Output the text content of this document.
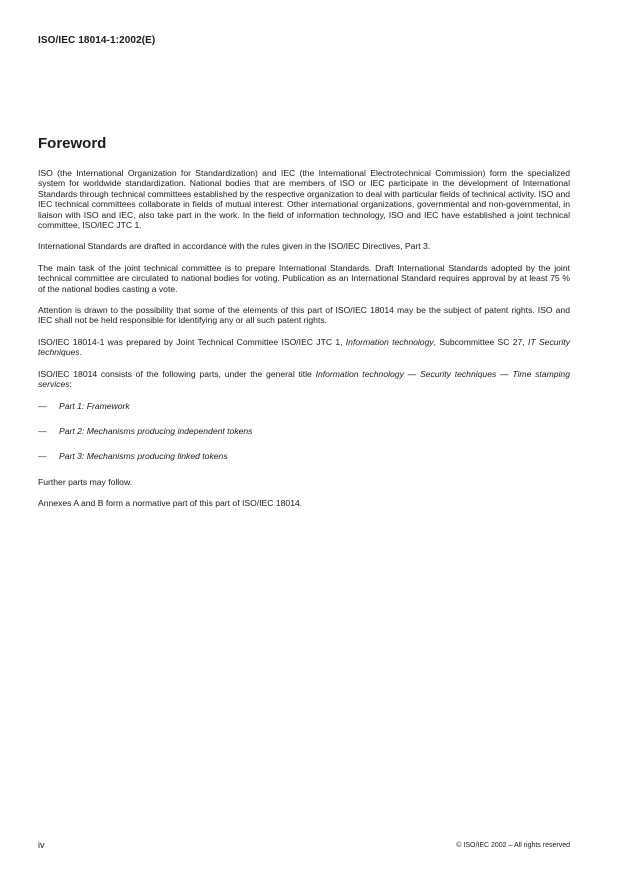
ISO/IEC 18014-1:2002(E)
Foreword

ISO (the International Organization for Standardization) and IEC (the International Electrotechnical Commission) form the specialized system for worldwide standardization. National bodies that are members of ISO or IEC participate in the development of International Standards through technical committees established by the respective organization to deal with particular fields of technical activity. ISO and IEC technical committees collaborate in fields of mutual interest. Other international organizations, governmental and non-governmental, in liaison with ISO and IEC, also take part in the work. In the field of information technology, ISO and IEC have established a joint technical committee, ISO/IEC JTC 1.

International Standards are drafted in accordance with the rules given in the ISO/IEC Directives, Part 3.

The main task of the joint technical committee is to prepare International Standards. Draft International Standards adopted by the joint technical committee are circulated to national bodies for voting. Publication as an International Standard requires approval by at least 75 % of the national bodies casting a vote.

Attention is drawn to the possibility that some of the elements of this part of ISO/IEC 18014 may be the subject of patent rights. ISO and IEC shall not be held responsible for identifying any or all such patent rights.

ISO/IEC 18014-1 was prepared by Joint Technical Committee ISO/IEC JTC 1, Information technology, Subcommittee SC 27, IT Security techniques.

ISO/IEC 18014 consists of the following parts, under the general title Information technology — Security techniques — Time stamping services:

—	Part 1: Framework
—	Part 2: Mechanisms producing independent tokens
—	Part 3: Mechanisms producing linked tokens

Further parts may follow.

Annexes A and B form a normative part of this part of ISO/IEC 18014.

iv	© ISO/IEC 2002 – All rights reserved
